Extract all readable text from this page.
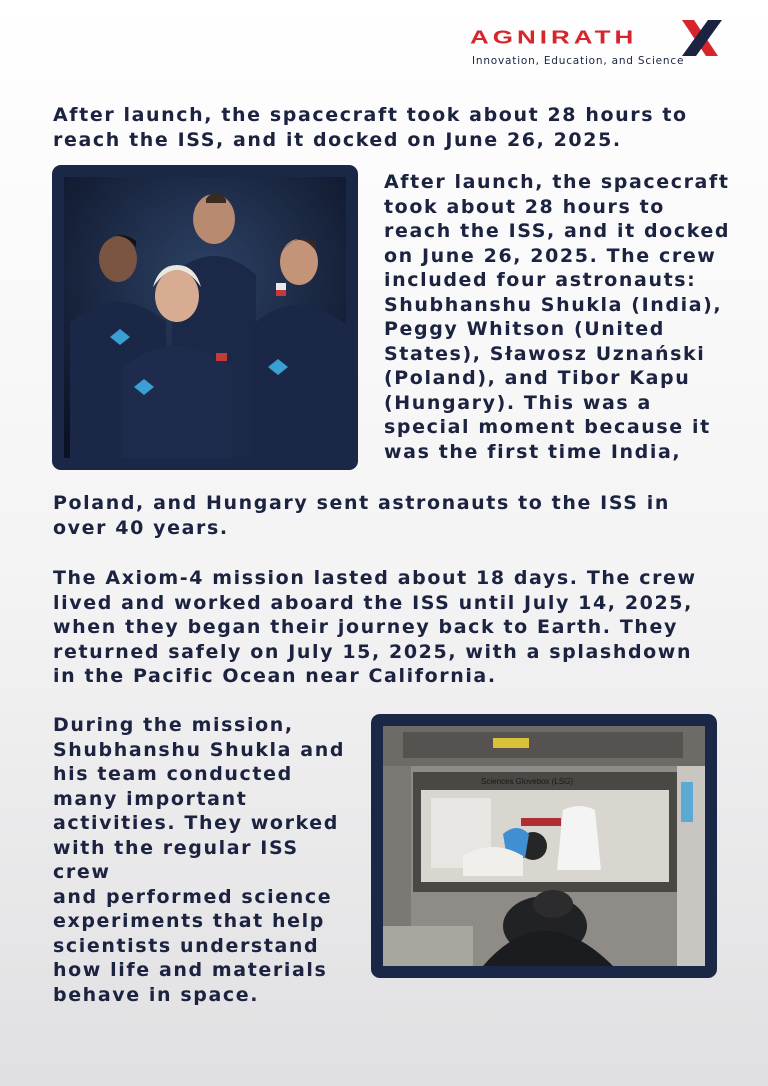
AGNIRATH
Innovation, Education, and Science

After launch, the spacecraft took about 28 hours to reach the ISS, and it docked on June 26, 2025.

After launch, the spacecraft
took about 28 hours to
reach the ISS, and it docked
on June 26, 2025. The crew
included four astronauts:
Shubhanshu Shukla (India),
Peggy Whitson (United
States), Sławosz Uznański
(Poland), and Tibor Kapu
(Hungary). This was a
special moment because it
was the first time India,

Poland, and Hungary sent astronauts to the ISS in over 40 years.

The Axiom-4 mission lasted about 18 days. The crew lived and worked aboard the ISS until July 14, 2025, when they began their journey back to Earth. They returned safely on July 15, 2025, with a splashdown in the Pacific Ocean near California.

During the mission,
Shubhanshu Shukla and
his team conducted
many important
activities. They worked
with the regular ISS crew
and performed science
experiments that help
scientists understand
how life and materials
behave in space.
Sciences Glovebox (LSG)
